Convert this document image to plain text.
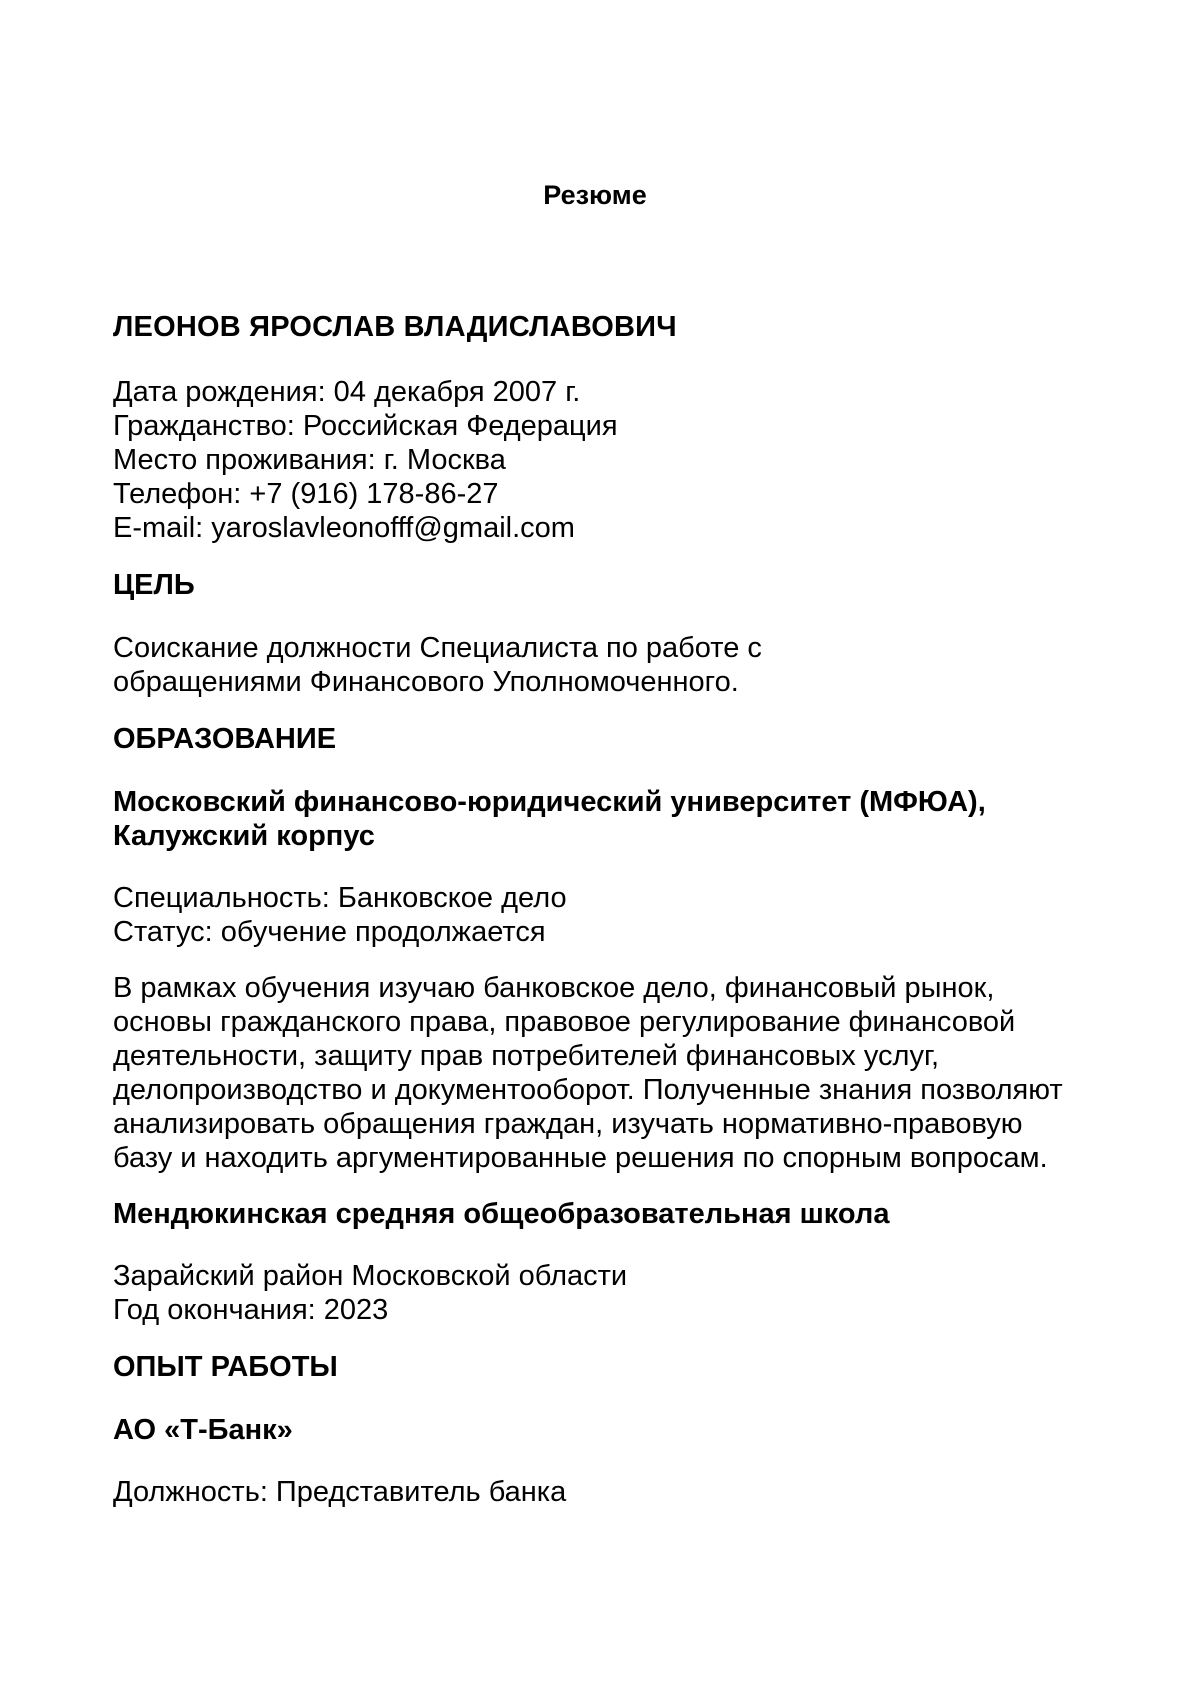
Резюме
ЛЕОНОВ ЯРОСЛАВ ВЛАДИСЛАВОВИЧ
Дата рождения: 04 декабря 2007 г.
Гражданство: Российская Федерация
Место проживания: г. Москва
Телефон: +7 (916) 178-86-27
E-mail: yaroslavleonofff@gmail.com
ЦЕЛЬ
Соискание должности Специалиста по работе с обращениями Финансового Уполномоченного.
ОБРАЗОВАНИЕ
Московский финансово-юридический университет (МФЮА), Калужский корпус
Специальность: Банковское дело
Статус: обучение продолжается
В рамках обучения изучаю банковское дело, финансовый рынок, основы гражданского права, правовое регулирование финансовой деятельности, защиту прав потребителей финансовых услуг, делопроизводство и документооборот. Полученные знания позволяют анализировать обращения граждан, изучать нормативно-правовую базу и находить аргументированные решения по спорным вопросам.
Мендюкинская средняя общеобразовательная школа
Зарайский район Московской области
Год окончания: 2023
ОПЫТ РАБОТЫ
АО «Т-Банк»
Должность: Представитель банка
